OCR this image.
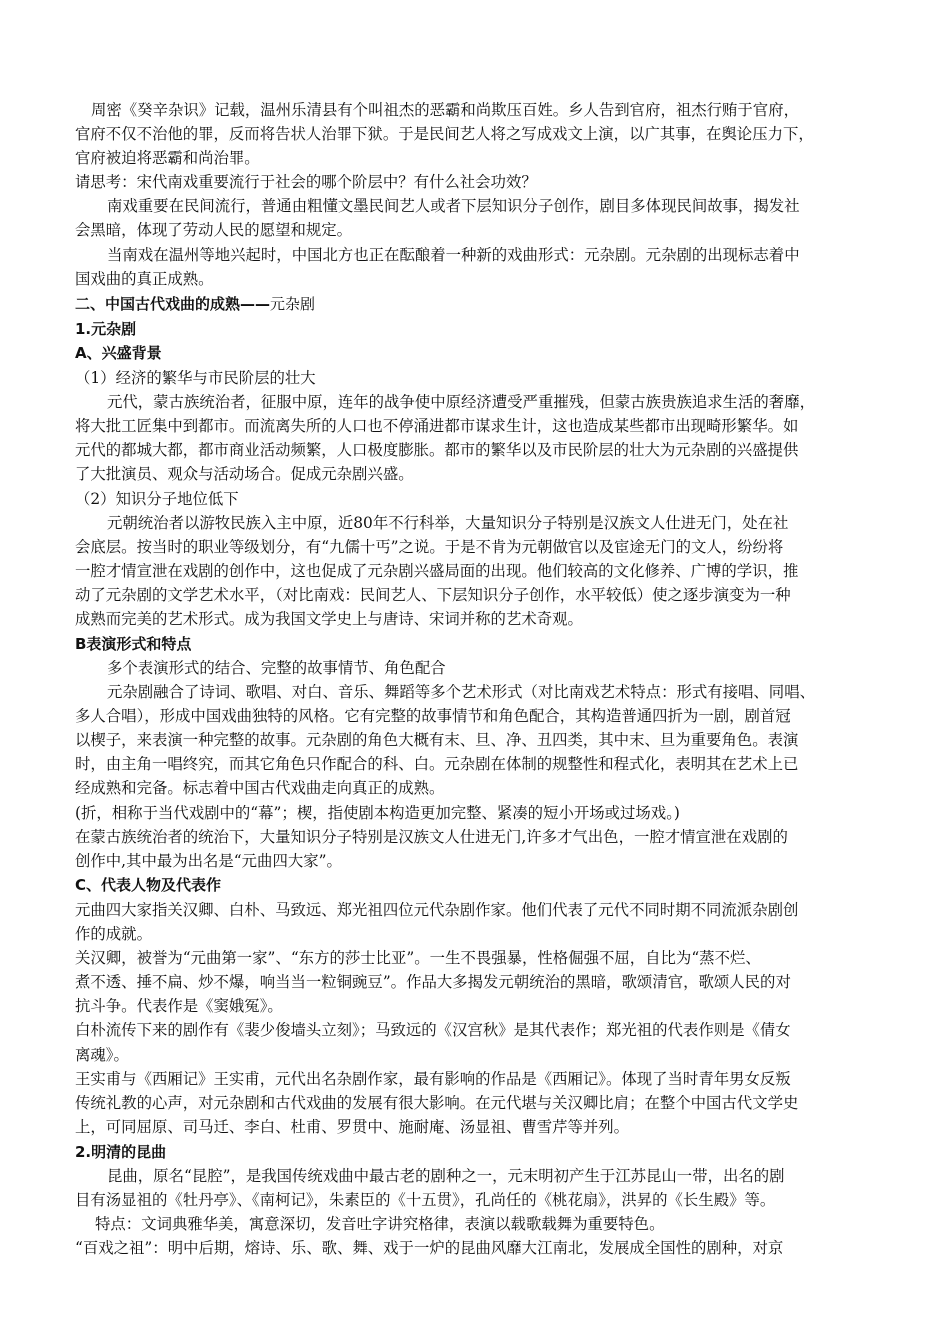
周密《癸辛杂识》记载，温州乐清县有个叫祖杰的恶霸和尚欺压百姓。乡人告到官府，祖杰行贿于官府，
官府不仅不治他的罪，反而将告状人治罪下狱。于是民间艺人将之写成戏文上演，以广其事，在舆论压力下，
官府被迫将恶霸和尚治罪。
请思考：宋代南戏重要流行于社会的哪个阶层中？有什么社会功效？
南戏重要在民间流行，普通由粗懂文墨民间艺人或者下层知识分子创作，剧目多体现民间故事，揭发社
会黑暗，体现了劳动人民的愿望和规定。
当南戏在温州等地兴起时，中国北方也正在酝酿着一种新的戏曲形式：元杂剧。元杂剧的出现标志着中
国戏曲的真正成熟。
二、中国古代戏曲的成熟——元杂剧
1.元杂剧
A、兴盛背景
（1）经济的繁华与市民阶层的壮大
元代，蒙古族统治者，征服中原，连年的战争使中原经济遭受严重摧残，但蒙古族贵族追求生活的奢靡，
将大批工匠集中到都市。而流离失所的人口也不停涌进都市谋求生计，这也造成某些都市出现畸形繁华。如
元代的都城大都，都市商业活动频繁，人口极度膨胀。都市的繁华以及市民阶层的壮大为元杂剧的兴盛提供
了大批演员、观众与活动场合。促成元杂剧兴盛。
（2）知识分子地位低下
元朝统治者以游牧民族入主中原，近80年不行科举，大量知识分子特别是汉族文人仕进无门，处在社
会底层。按当时的职业等级划分，有“九儒十丐”之说。于是不肯为元朝做官以及宦途无门的文人，纷纷将
一腔才情宣泄在戏剧的创作中，这也促成了元杂剧兴盛局面的出现。他们较高的文化修养、广博的学识，推
动了元杂剧的文学艺术水平，（对比南戏：民间艺人、下层知识分子创作，水平较低）使之逐步演变为一种
成熟而完美的艺术形式。成为我国文学史上与唐诗、宋词并称的艺术奇观。
B表演形式和特点
多个表演形式的结合、完整的故事情节、角色配合
元杂剧融合了诗词、歌唱、对白、音乐、舞蹈等多个艺术形式（对比南戏艺术特点：形式有接唱、同唱、
多人合唱），形成中国戏曲独特的风格。它有完整的故事情节和角色配合，其构造普通四折为一剧，剧首冠
以楔子，来表演一种完整的故事。元杂剧的角色大概有末、旦、净、丑四类，其中末、旦为重要角色。表演
时，由主角一唱终究，而其它角色只作配合的科、白。元杂剧在体制的规整性和程式化，表明其在艺术上已
经成熟和完备。标志着中国古代戏曲走向真正的成熟。
(折，相称于当代戏剧中的“幕”；楔，指使剧本构造更加完整、紧凑的短小开场或过场戏。)
在蒙古族统治者的统治下，大量知识分子特别是汉族文人仕进无门,许多才气出色，一腔才情宣泄在戏剧的
创作中,其中最为出名是“元曲四大家”。
C、代表人物及代表作
元曲四大家指关汉卿、白朴、马致远、郑光祖四位元代杂剧作家。他们代表了元代不同时期不同流派杂剧创
作的成就。
关汉卿，被誉为“元曲第一家”、“东方的莎士比亚”。一生不畏强暴，性格倔强不屈，自比为“蒸不烂、
煮不透、捶不扁、炒不爆，响当当一粒铜豌豆”。作品大多揭发元朝统治的黑暗，歌颂清官，歌颂人民的对
抗斗争。代表作是《窦娥冤》。
白朴流传下来的剧作有《裴少俊墙头立刻》；马致远的《汉宫秋》是其代表作；郑光祖的代表作则是《倩女
离魂》。
王实甫与《西厢记》王实甫，元代出名杂剧作家，最有影响的作品是《西厢记》。体现了当时青年男女反叛
传统礼教的心声，对元杂剧和古代戏曲的发展有很大影响。在元代堪与关汉卿比肩；在整个中国古代文学史
上，可同屈原、司马迁、李白、杜甫、罗贯中、施耐庵、汤显祖、曹雪芹等并列。
2.明清的昆曲
昆曲，原名“昆腔”，是我国传统戏曲中最古老的剧种之一，元末明初产生于江苏昆山一带，出名的剧
目有汤显祖的《牡丹亭》、《南柯记》，朱素臣的《十五贯》，孔尚任的《桃花扇》，洪昇的《长生殿》等。
特点：文词典雅华美，寓意深切，发音吐字讲究格律，表演以载歌载舞为重要特色。
“百戏之祖”：明中后期，熔诗、乐、歌、舞、戏于一炉的昆曲风靡大江南北，发展成全国性的剧种，对京
